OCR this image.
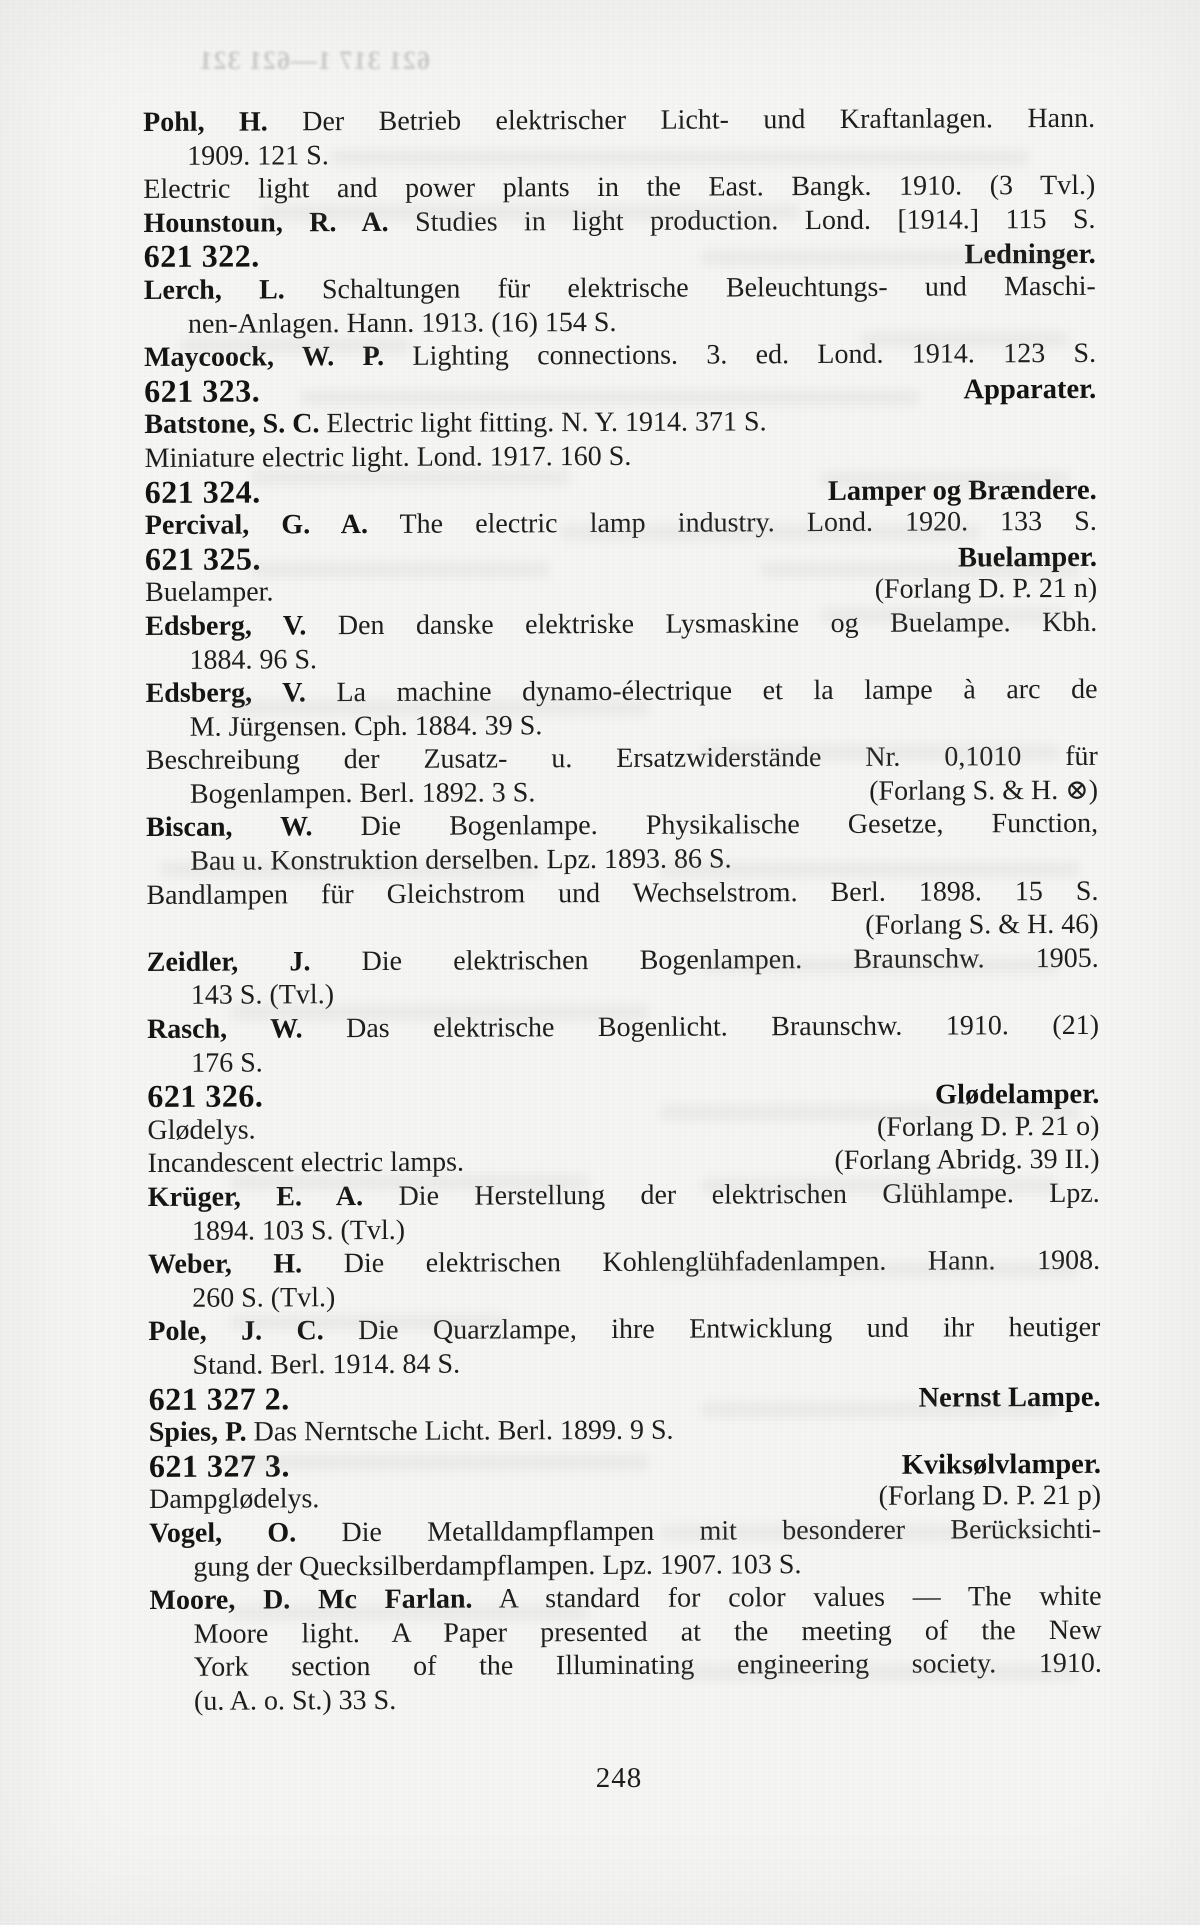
621 317 1—621 321
Pohl, H. Der Betrieb elektrischer Licht- und Kraftanlagen. Hann.
1909. 121 S.
Electric light and power plants in the East. Bangk. 1910. (3 Tvl.)
Hounstoun, R. A. Studies in light production. Lond. [1914.] 115 S.
621 322.	Ledninger.
Lerch, L. Schaltungen für elektrische Beleuchtungs- und Maschi-
nen-Anlagen. Hann. 1913. (16) 154 S.
Maycoock, W. P. Lighting connections. 3. ed. Lond. 1914. 123 S.
621 323.	Apparater.
Batstone, S. C. Electric light fitting. N. Y. 1914. 371 S.
Miniature electric light. Lond. 1917. 160 S.
621 324.	Lamper og Brændere.
Percival, G. A. The electric lamp industry. Lond. 1920. 133 S.
621 325.	Buelamper.
Buelamper.	(Forlang D. P. 21 n)
Edsberg, V. Den danske elektriske Lysmaskine og Buelampe. Kbh.
1884. 96 S.
Edsberg, V. La machine dynamo-électrique et la lampe à arc de
M. Jürgensen. Cph. 1884. 39 S.
Beschreibung der Zusatz- u. Ersatzwiderstände Nr. 0,1010 für
Bogenlampen. Berl. 1892. 3 S.	(Forlang S. & H. ⊗)
Biscan, W. Die Bogenlampe. Physikalische Gesetze, Function,
Bau u. Konstruktion derselben. Lpz. 1893. 86 S.
Bandlampen für Gleichstrom und Wechselstrom. Berl. 1898. 15 S.
(Forlang S. & H. 46)
Zeidler, J. Die elektrischen Bogenlampen. Braunschw. 1905.
143 S. (Tvl.)
Rasch, W. Das elektrische Bogenlicht. Braunschw. 1910. (21)
176 S.
621 326.	Glødelamper.
Glødelys.	(Forlang D. P. 21 o)
Incandescent electric lamps.	(Forlang Abridg. 39 II.)
Krüger, E. A. Die Herstellung der elektrischen Glühlampe. Lpz.
1894. 103 S. (Tvl.)
Weber, H. Die elektrischen Kohlenglühfadenlampen. Hann. 1908.
260 S. (Tvl.)
Pole, J. C. Die Quarzlampe, ihre Entwicklung und ihr heutiger
Stand. Berl. 1914. 84 S.
621 327 2.	Nernst Lampe.
Spies, P. Das Nerntsche Licht. Berl. 1899. 9 S.
621 327 3.	Kviksølvlamper.
Dampglødelys.	(Forlang D. P. 21 p)
Vogel, O. Die Metalldampflampen mit besonderer Berücksichti-
gung der Quecksilberdampflampen. Lpz. 1907. 103 S.
Moore, D. Mc Farlan. A standard for color values — The white
Moore light. A Paper presented at the meeting of the New
York section of the Illuminating engineering society. 1910.
(u. A. o. St.) 33 S.
248
